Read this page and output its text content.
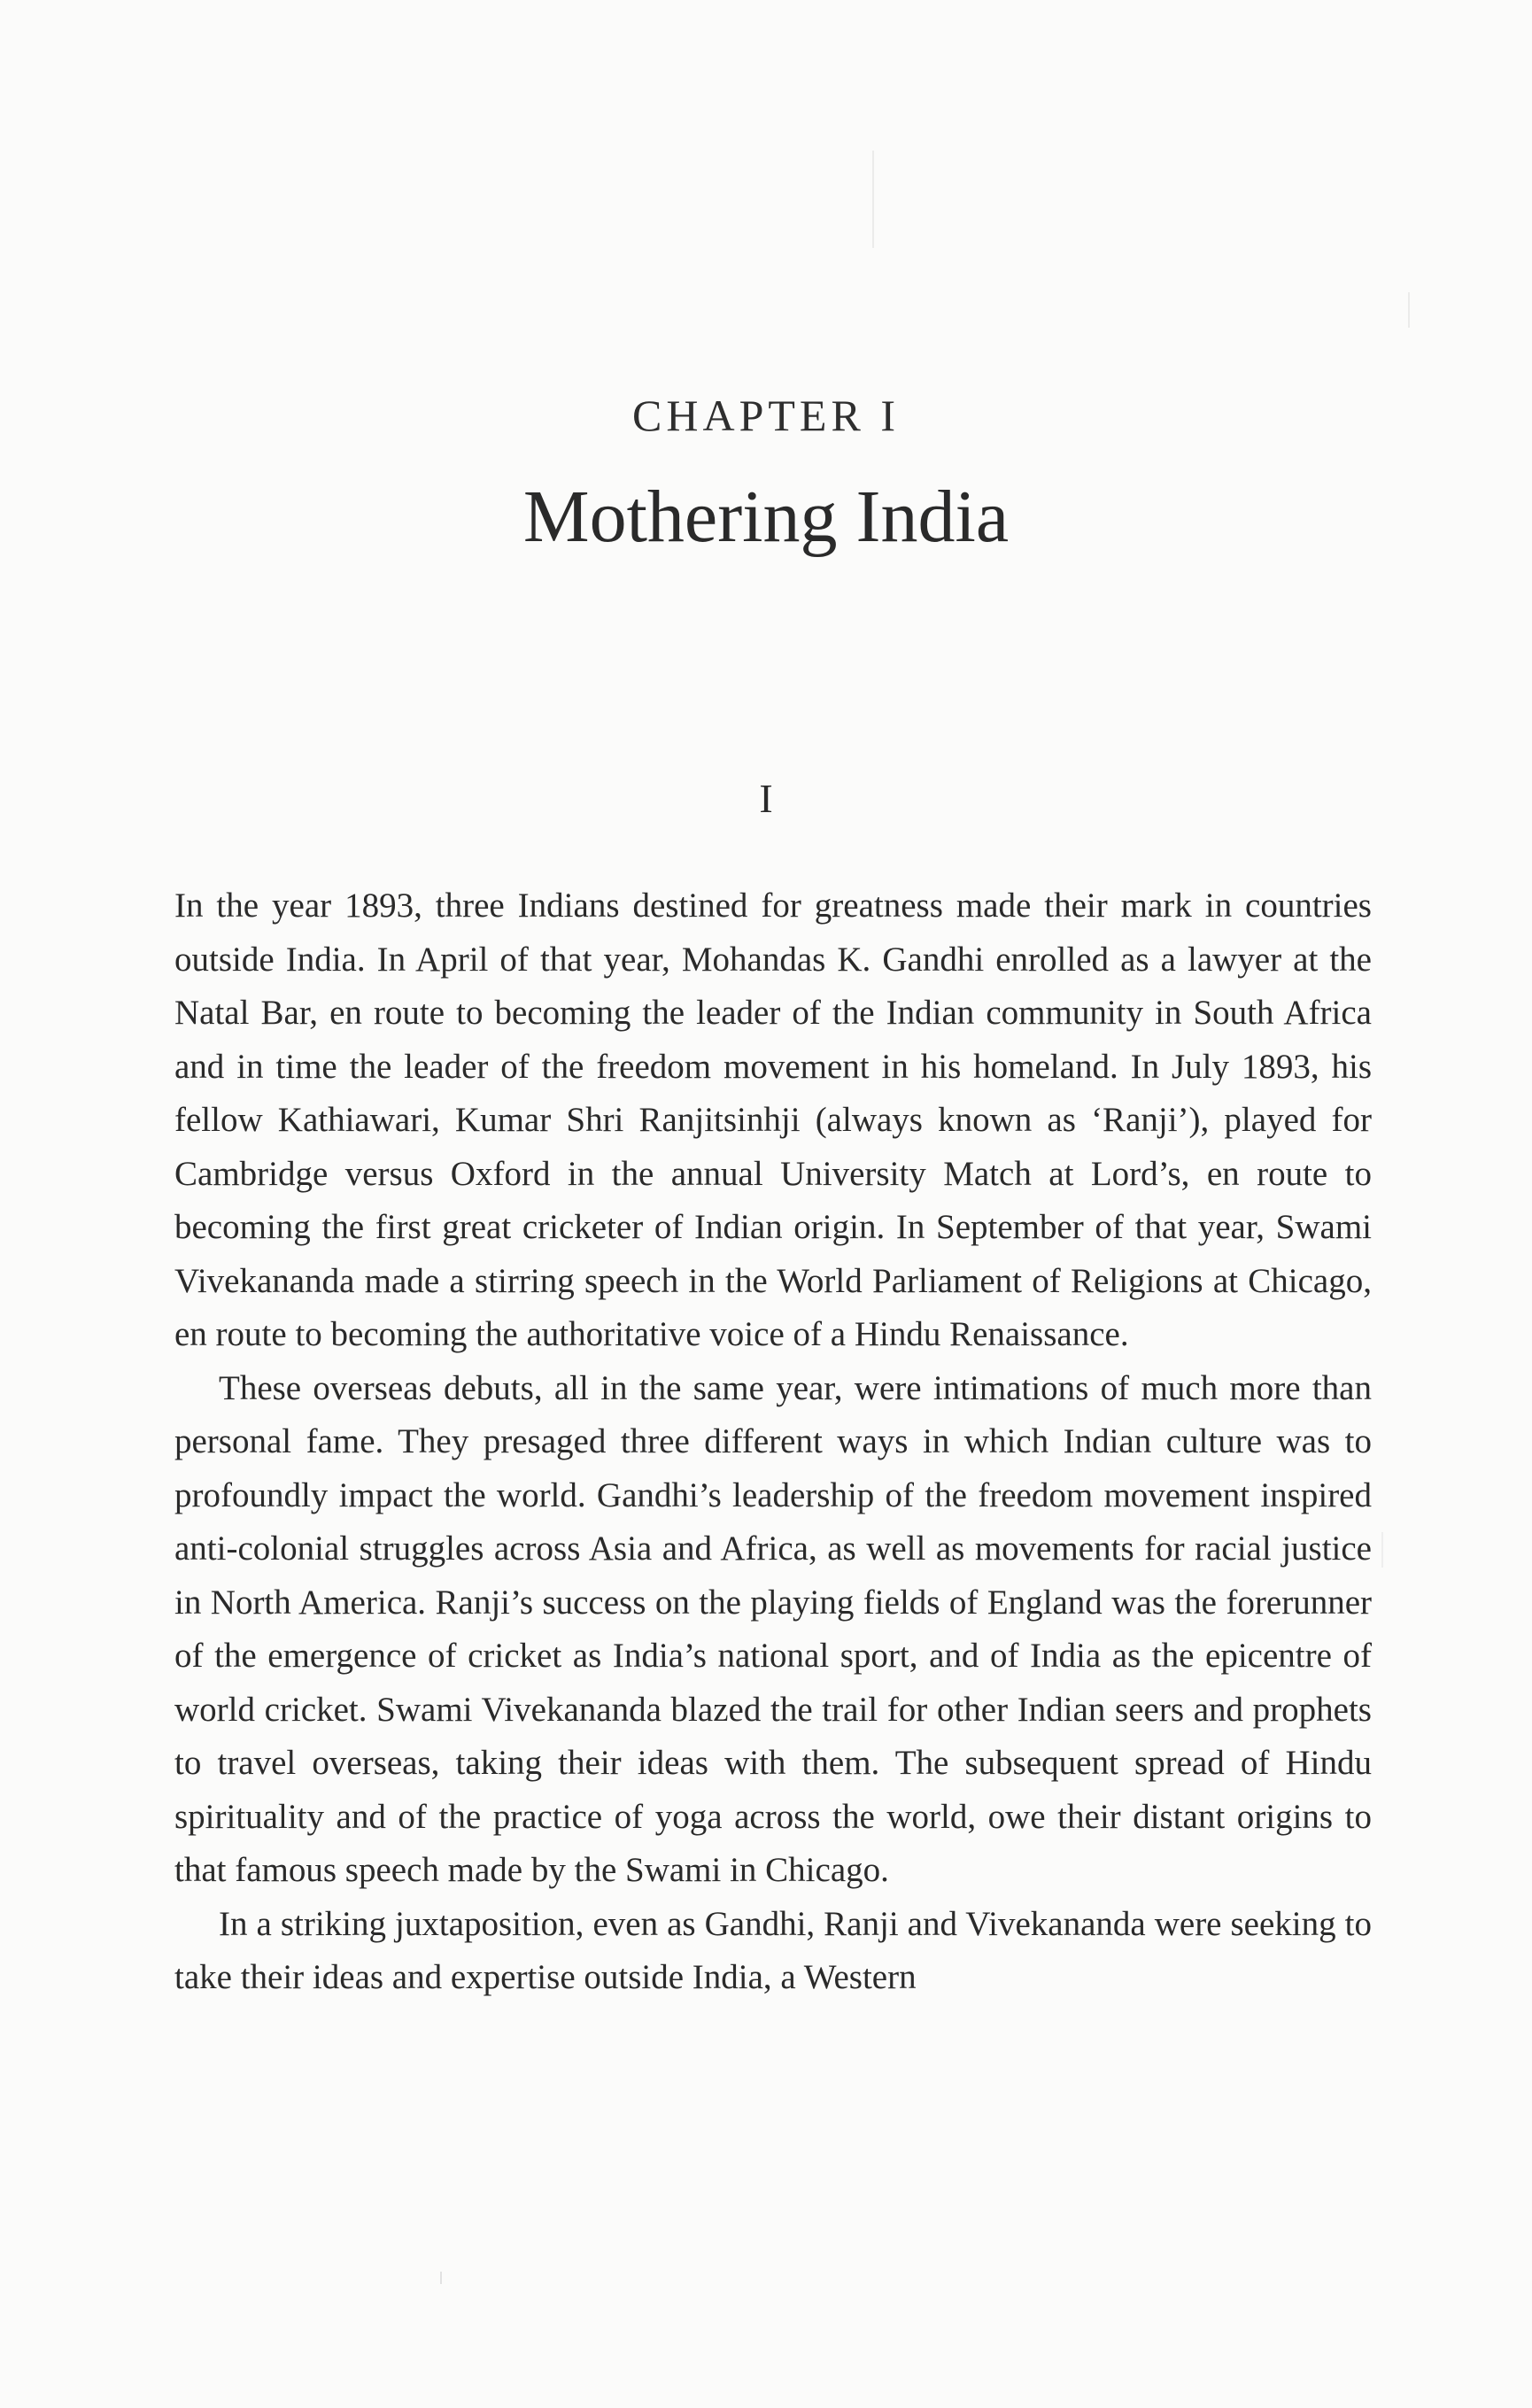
CHAPTER I
Mothering India
I

In the year 1893, three Indians destined for greatness made their mark in countries outside India. In April of that year, Mohandas K. Gandhi enrolled as a lawyer at the Natal Bar, en route to becoming the leader of the Indian community in South Africa and in time the leader of the freedom movement in his homeland. In July 1893, his fellow Kathiawari, Kumar Shri Ranjitsinhji (always known as ‘Ranji’), played for Cambridge versus Oxford in the annual University Match at Lord’s, en route to becoming the first great cricketer of Indian origin. In September of that year, Swami Vivekananda made a stirring speech in the World Parliament of Religions at Chicago, en route to becoming the authoritative voice of a Hindu Renaissance.

These overseas debuts, all in the same year, were intimations of much more than personal fame. They presaged three different ways in which Indian culture was to profoundly impact the world. Gandhi’s leadership of the freedom movement inspired anti-colonial struggles across Asia and Africa, as well as movements for racial justice in North America. Ranji’s success on the playing fields of England was the forerunner of the emergence of cricket as India’s national sport, and of India as the epicentre of world cricket. Swami Vivekananda blazed the trail for other Indian seers and prophets to travel overseas, taking their ideas with them. The subsequent spread of Hindu spirituality and of the practice of yoga across the world, owe their distant origins to that famous speech made by the Swami in Chicago.

In a striking juxtaposition, even as Gandhi, Ranji and Vivekananda were seeking to take their ideas and expertise outside India, a Western
